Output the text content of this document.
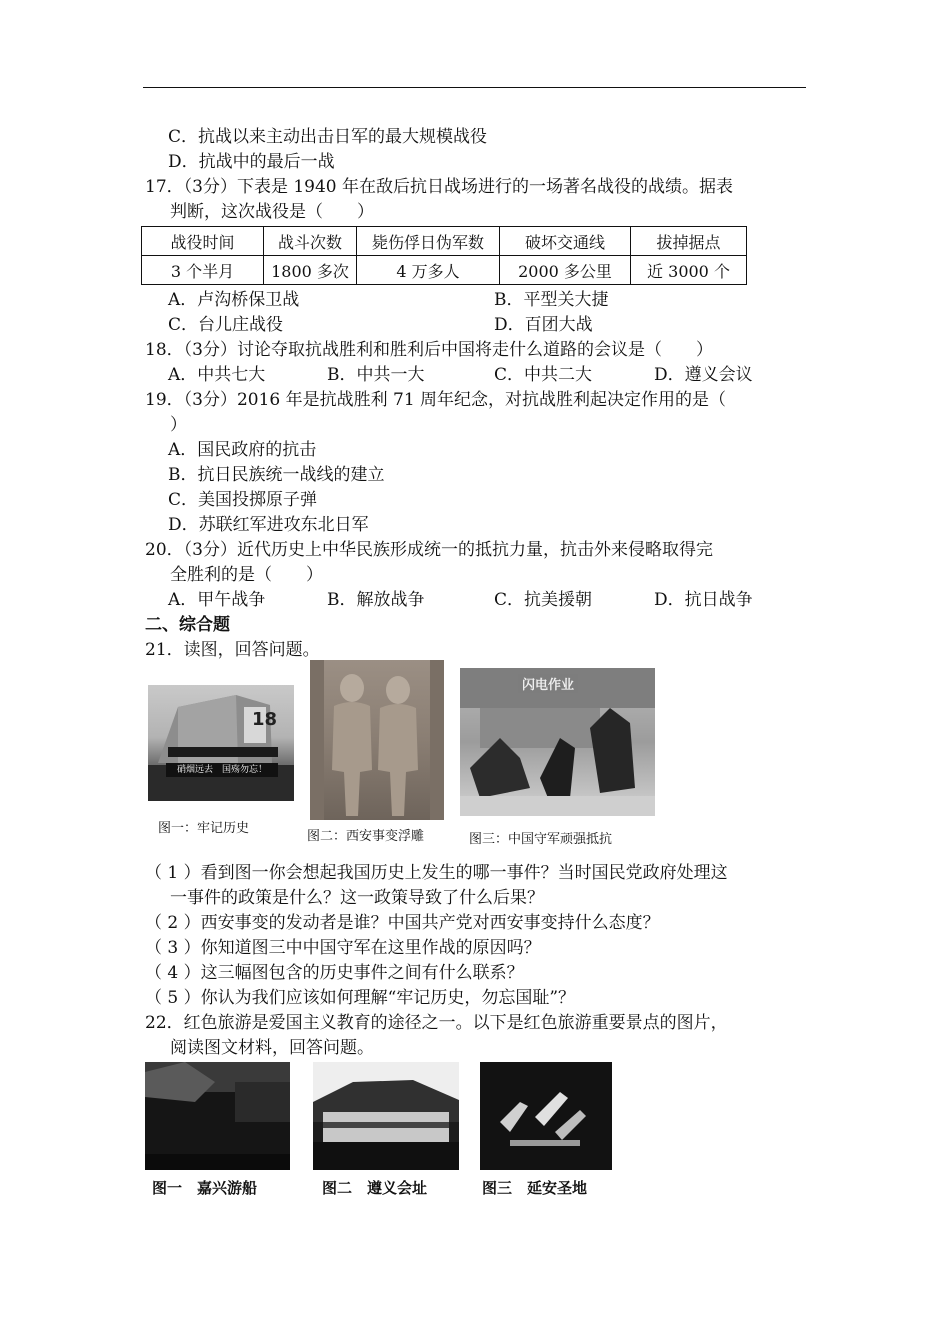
C．抗战以来主动出击日军的最大规模战役
D．抗战中的最后一战
17．（3分）下表是 1940 年在敌后抗日战场进行的一场著名战役的战绩。据表
判断，这次战役是（　　）
战役时间	战斗次数	毙伤俘日伪军数	破坏交通线	拔掉据点
3 个半月	1800 多次	4 万多人	2000 多公里	近 3000 个
A．卢沟桥保卫战	B．平型关大捷
C．台儿庄战役	D．百团大战
18．（3分）讨论夺取抗战胜利和胜利后中国将走什么道路的会议是（　　）
A．中共七大	B．中共一大	C．中共二大	D．遵义会议
19．（3分）2016 年是抗战胜利 71 周年纪念，对抗战胜利起决定作用的是（
）
A．国民政府的抗击
B．抗日民族统一战线的建立
C．美国投掷原子弹
D．苏联红军进攻东北日军
20．（3分）近代历史上中华民族形成统一的抵抗力量，抗击外来侵略取得完
全胜利的是（　　）
A．甲午战争	B．解放战争	C．抗美援朝	D．抗日战争
二、综合题
21．读图，回答问题。
18
硝烟远去　国殇勿忘！
图一：牢记历史
图二：西安事变浮雕
闪电作业
图三：中国守军顽强抵抗
（ 1 ）看到图一你会想起我国历史上发生的哪一事件？当时国民党政府处理这
一事件的政策是什么？这一政策导致了什么后果？
（ 2 ）西安事变的发动者是谁？中国共产党对西安事变持什么态度？
（ 3 ）你知道图三中中国守军在这里作战的原因吗？
（ 4 ）这三幅图包含的历史事件之间有什么联系？
（ 5 ）你认为我们应该如何理解“牢记历史，勿忘国耻”？
22．红色旅游是爱国主义教育的途径之一。以下是红色旅游重要景点的图片，
阅读图文材料，回答问题。
图一　嘉兴游船	图二　遵义会址	图三　延安圣地
